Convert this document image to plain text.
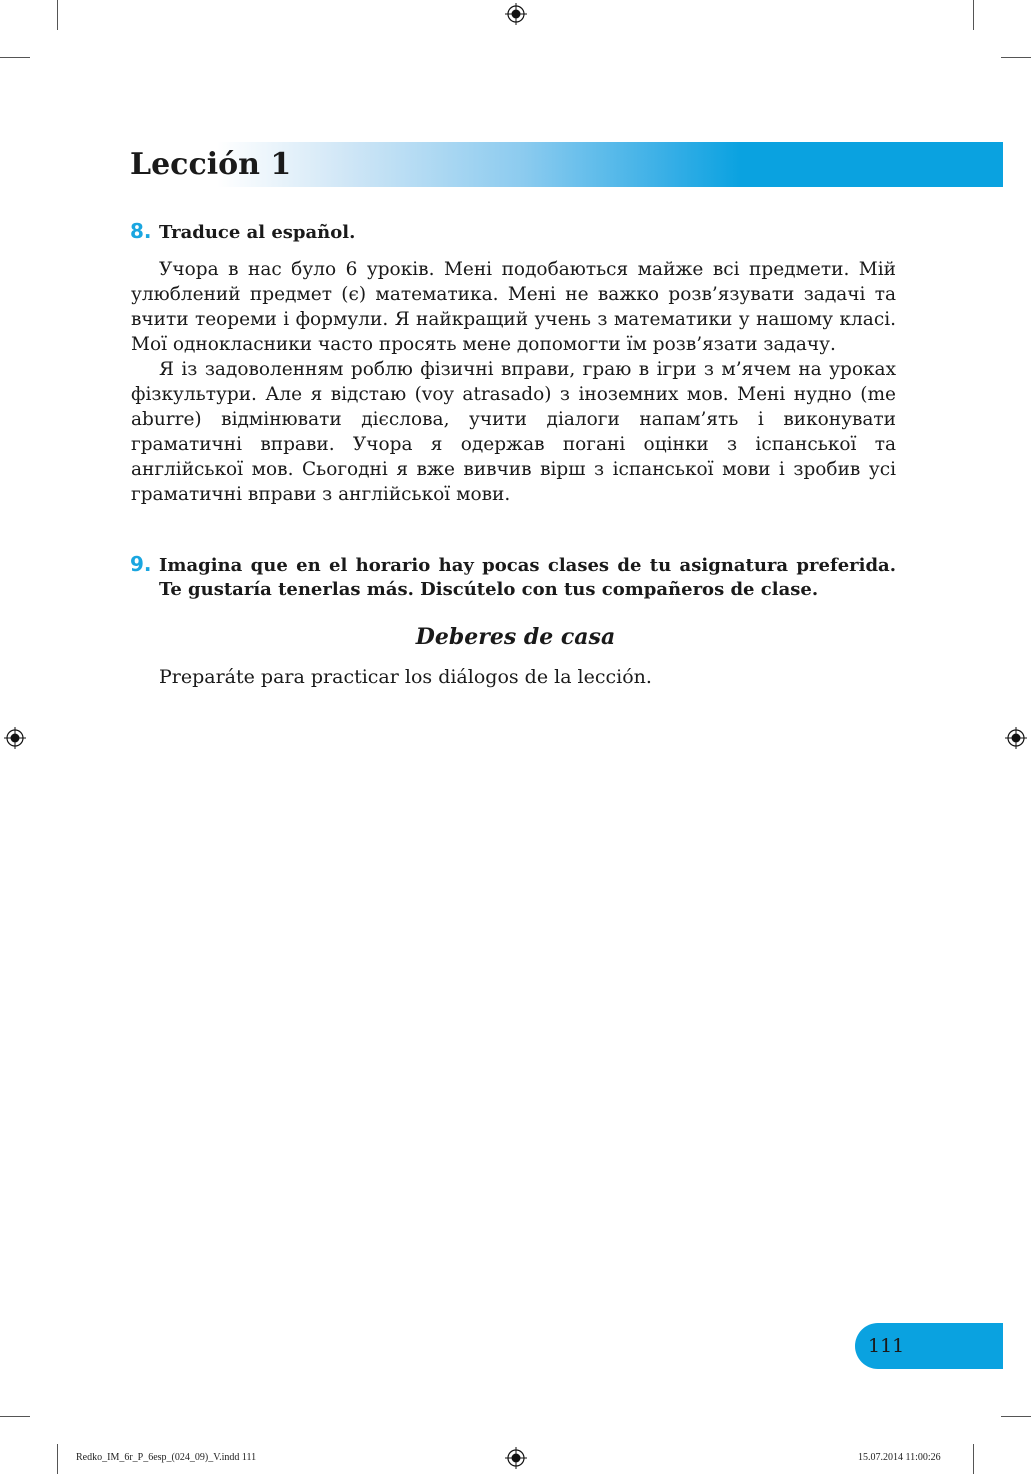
Lección 1
8. Traduce al español.

Учора в нас було 6 уроків. Мені подобаються майже всі предмети. Мій улюблений предмет (є) математика. Мені не важко розв’язувати задачі та вчити теореми і формули. Я найкращий учень з математики у нашому класі. Мої однокласники часто просять мене допомогти їм розв’язати задачу.

Я із задоволенням роблю фізичні вправи, граю в ігри з м’ячем на уроках фізкультури. Але я відстаю (voy atrasado) з іноземних мов. Мені нудно (me aburre) відмінювати дієслова, учити діалоги напам’ять і виконувати граматичні вправи. Учора я одержав погані оцінки з іспанської та англійської мов. Сьогодні я вже вивчив вірш з іспанської мови і зробив усі граматичні вправи з англійської мови.

9. Imagina que en el horario hay pocas clases de tu asignatura preferida. Te gustaría tenerlas más. Discútelo con tus compañeros de clase.
Deberes de casa
Preparáte para practicar los diálogos de la lección.
111
Redko_IM_6r_P_6esp_(024_09)_V.indd 111	15.07.2014 11:00:26
